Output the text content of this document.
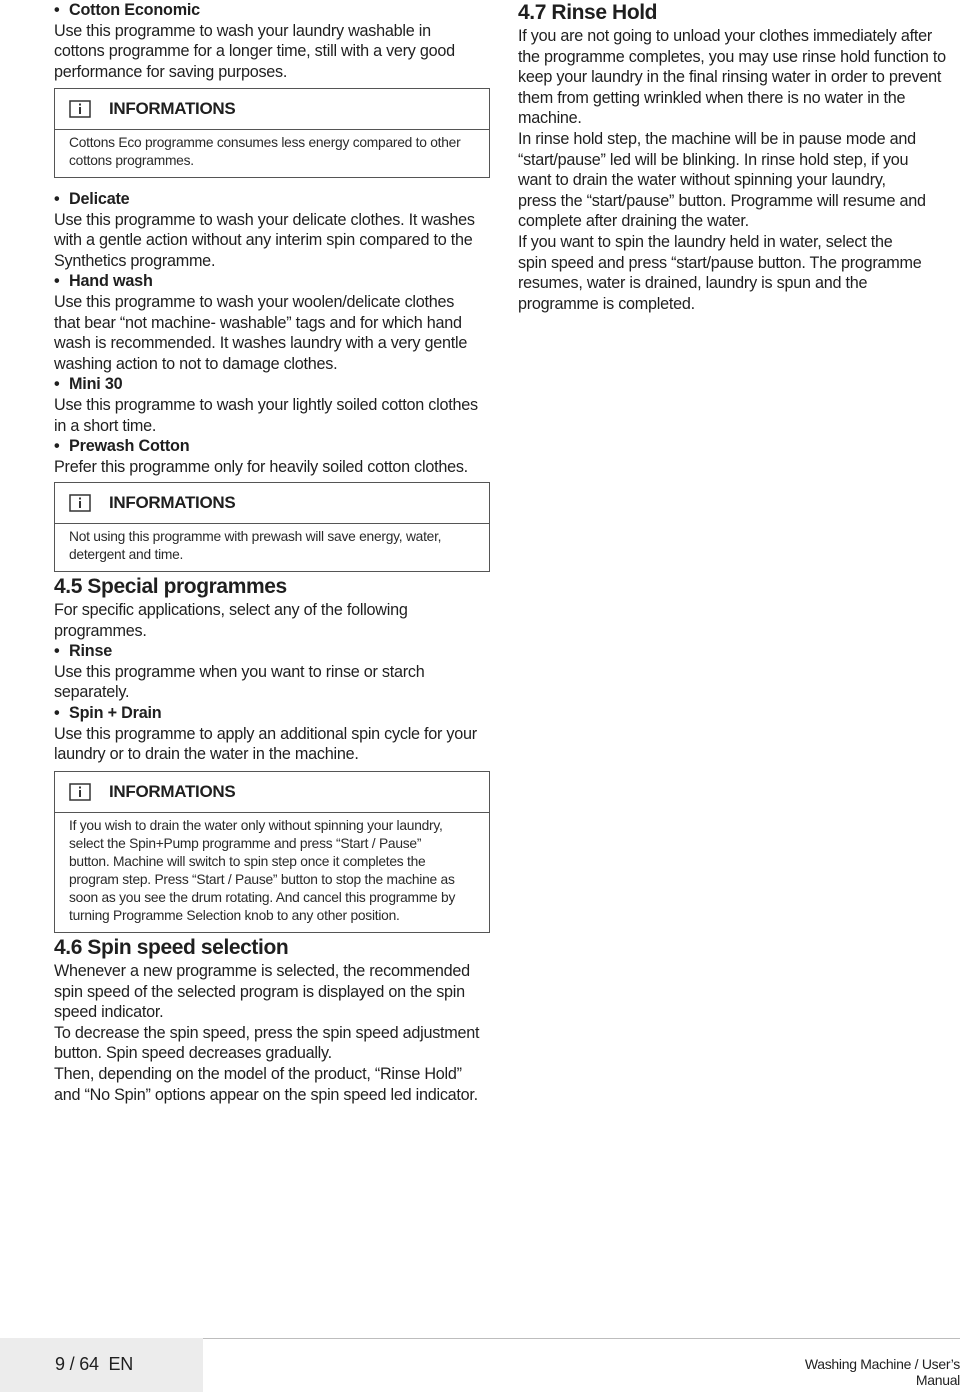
• Cotton Economic

Use this programme to wash your laundry washable in

cottons programme for a longer time, still with a very good

performance for saving purposes.

• Delicate

Use this programme to wash your delicate clothes. It washes

with a gentle action without any interim spin compared to the

Synthetics programme.

• Hand wash

Use this programme to wash your woolen/delicate clothes

that bear “not machine- washable” tags and for which hand

wash is recommended. It washes laundry with a very gentle

washing action to not to damage clothes.

• Mini 30

Use this programme to wash your lightly soiled cotton clothes

in a short time.

• Prewash Cotton

Prefer this programme only for heavily soiled cotton clothes.

4.5 Special programmes

For specific applications, select any of the following

programmes.

• Rinse

Use this programme when you want to rinse or starch

separately.

• Spin + Drain

Use this programme to apply an additional spin cycle for your

laundry or to drain the water in the machine.

4.6 Spin speed selection

Whenever a new programme is selected, the recommended

spin speed of the selected program is displayed on the spin

speed indicator.

To decrease the spin speed, press the spin speed adjustment

button. Spin speed decreases gradually.

Then, depending on the model of the product, “Rinse Hold”

and “No Spin” options appear on the spin speed led indicator.

INFORMATIONS
Cottons Eco programme consumes less energy compared to other
cottons programmes.
INFORMATIONS
Not using this programme with prewash will save energy, water,
detergent and time.
INFORMATIONS
If you wish to drain the water only without spinning your laundry,
select the Spin+Pump programme and press “Start / Pause”
button. Machine will switch to spin step once it completes the
program step. Press “Start / Pause” button to stop the machine as
soon as you see the drum rotating. And cancel this programme by
turning Programme Selection knob to any other position.

4.7 Rinse Hold

If you are not going to unload your clothes immediately after

the programme completes, you may use rinse hold function to

keep your laundry in the final rinsing water in order to prevent

them from getting wrinkled when there is no water in the

machine.

In rinse hold step, the machine will be in pause mode and

“start/pause” led will be blinking. In rinse hold step, if you

want to drain the water without spinning your laundry,

press the “start/pause” button. Programme will resume and

complete after draining the water.

If you want to spin the laundry held in water, select the

spin speed and press “start/pause button. The programme

resumes, water is drained, laundry is spun and the

programme is completed.

9 / 64 EN	Washing Machine / User’s Manual
